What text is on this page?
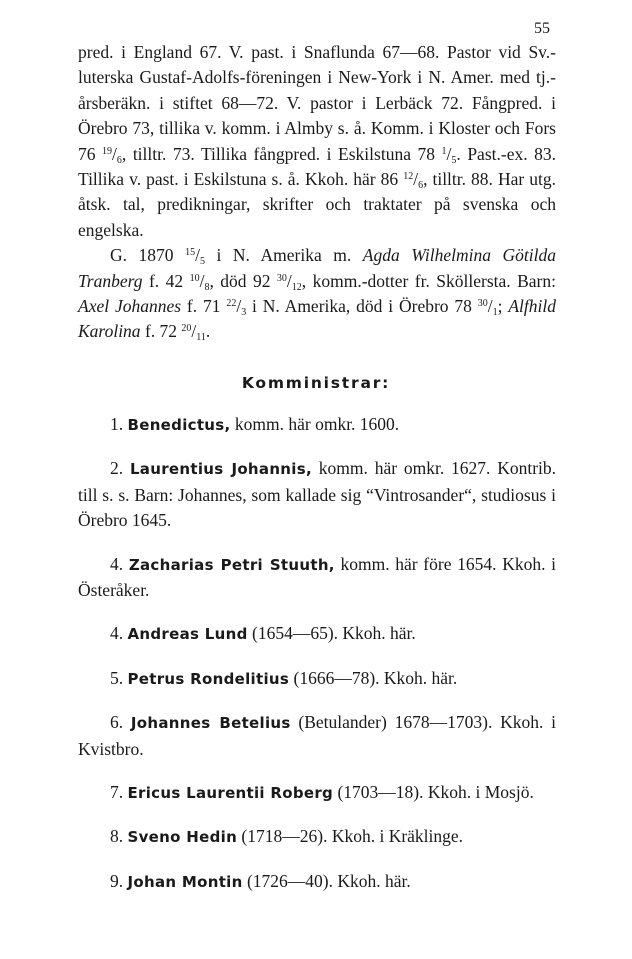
55

pred. i England 67. V. past. i Snaflunda 67—68. Pastor vid Sv.-luterska Gustaf-Adolfs-föreningen i New-York i N. Amer. med tj.-årsberäkn. i stiftet 68—72. V. pastor i Lerbäck 72. Fångpred. i Örebro 73, tillika v. komm. i Almby s. å. Komm. i Kloster och Fors 76 $^{19}/_6$, tilltr. 73. Tillika fångpred. i Eskilstuna 78 $^1/_5$. Past.-ex. 83. Tillika v. past. i Eskilstuna s. å. Kkoh. här 86 $^{12}/_6$, tilltr. 88. Har utg. åtsk. tal, predikningar, skrifter och traktater på svenska och engelska.

G. 1870 $^{15}/_5$ i N. Amerika m. Agda Wilhelmina Götilda Tranberg f. 42 $^{10}/_8$, död 92 $^{30}/_{12}$, komm.-dotter fr. Sköllersta. Barn: Axel Johannes f. 71 $^{22}/_3$ i N. Amerika, död i Örebro 78 $^{30}/_1$; Alfhild Karolina f. 72 $^{20}/_{11}$.

Komministrar:

1. Benedictus, komm. här omkr. 1600.

2. Laurentius Johannis, komm. här omkr. 1627. Kontrib. till s. s. Barn: Johannes, som kallade sig “Vintrosander“, studiosus i Örebro 1645.

4. Zacharias Petri Stuuth, komm. här före 1654. Kkoh. i Österåker.

4. Andreas Lund (1654—65). Kkoh. här.

5. Petrus Rondelitius (1666—78). Kkoh. här.

6. Johannes Betelius (Betulander) 1678—1703). Kkoh. i Kvistbro.

7. Ericus Laurentii Roberg (1703—18). Kkoh. i Mosjö.

8. Sveno Hedin (1718—26). Kkoh. i Kräklinge.

9. Johan Montin (1726—40). Kkoh. här.
